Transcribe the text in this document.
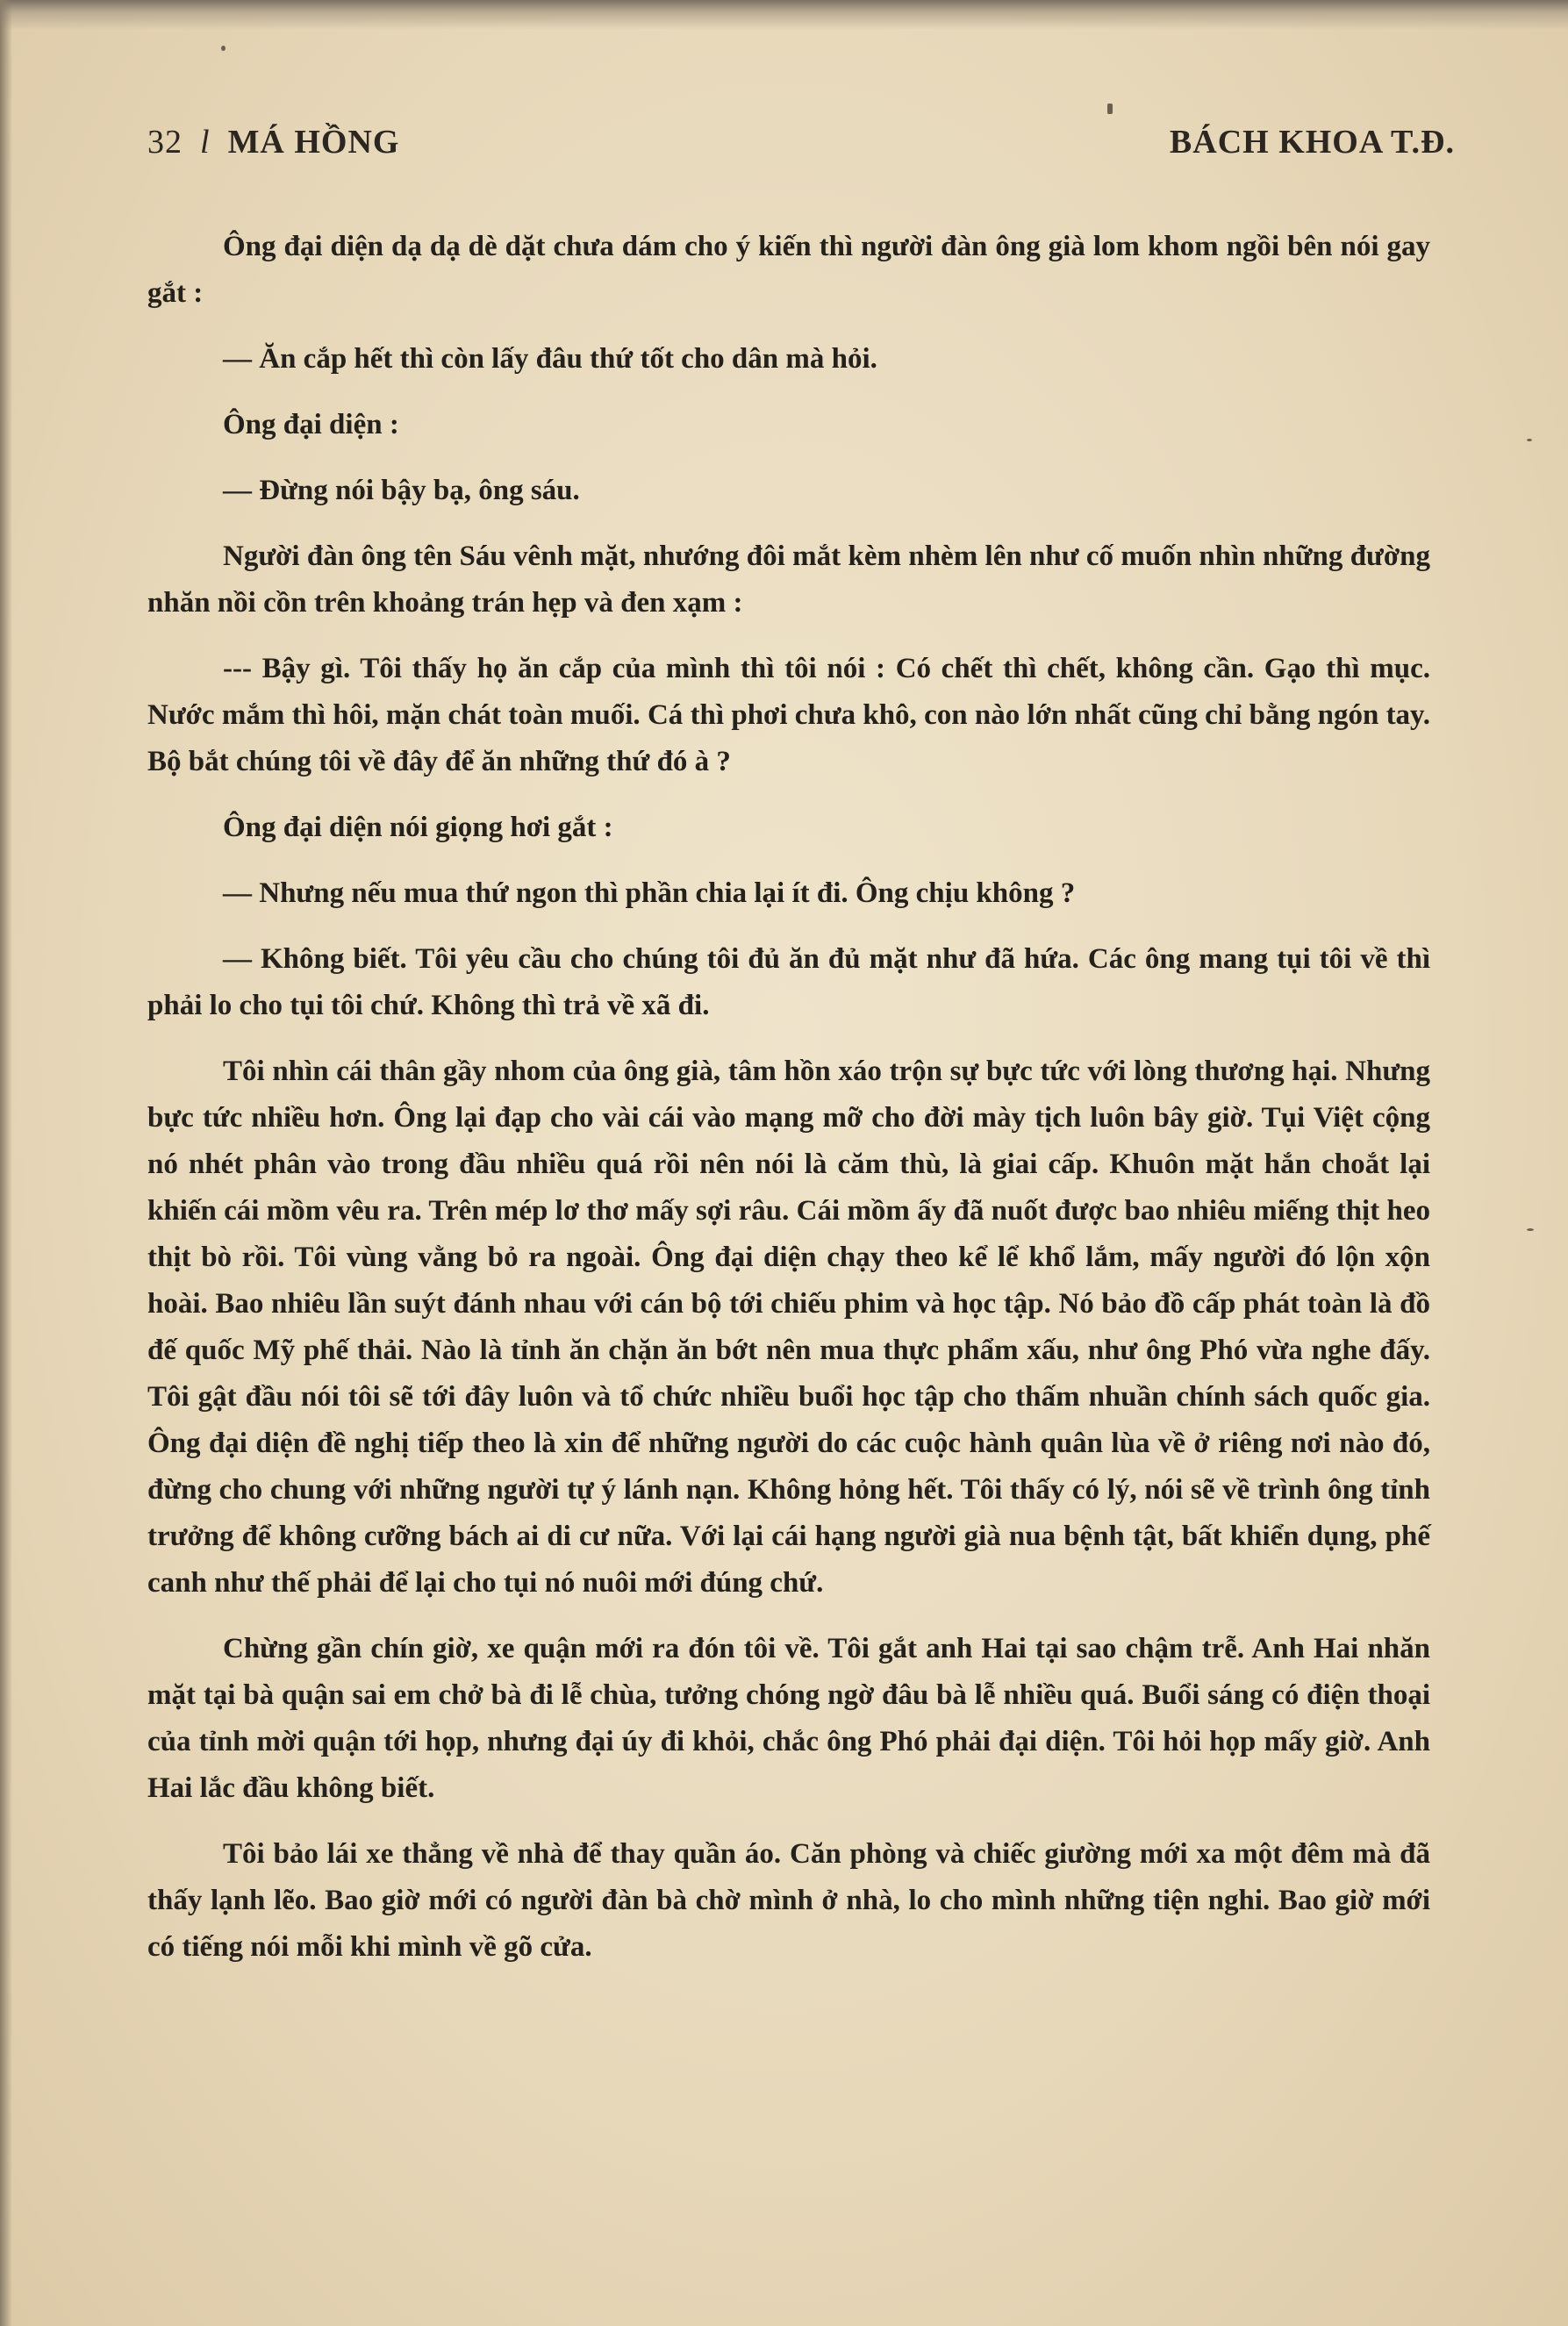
32 l MÁ HỒNG	BÁCH KHOA T.Đ.

Ông đại diện dạ dạ dè dặt chưa dám cho ý kiến thì người đàn ông già lom khom ngồi bên nói gay gắt :

— Ăn cắp hết thì còn lấy đâu thứ tốt cho dân mà hỏi.

Ông đại diện :

— Đừng nói bậy bạ, ông sáu.

Người đàn ông tên Sáu vênh mặt, nhướng đôi mắt kèm nhèm lên như cố muốn nhìn những đường nhăn nồi cồn trên khoảng trán hẹp và đen xạm :

--- Bậy gì. Tôi thấy họ ăn cắp của mình thì tôi nói : Có chết thì chết, không cần. Gạo thì mục. Nước mắm thì hôi, mặn chát toàn muối. Cá thì phơi chưa khô, con nào lớn nhất cũng chỉ bằng ngón tay. Bộ bắt chúng tôi về đây để ăn những thứ đó à ?

Ông đại diện nói giọng hơi gắt :

— Nhưng nếu mua thứ ngon thì phần chia lại ít đi. Ông chịu không ?

— Không biết. Tôi yêu cầu cho chúng tôi đủ ăn đủ mặt như đã hứa. Các ông mang tụi tôi về thì phải lo cho tụi tôi chứ. Không thì trả về xã đi.

Tôi nhìn cái thân gầy nhom của ông già, tâm hồn xáo trộn sự bực tức với lòng thương hại. Nhưng bực tức nhiều hơn. Ông lại đạp cho vài cái vào mạng mỡ cho đời mày tịch luôn bây giờ. Tụi Việt cộng nó nhét phân vào trong đầu nhiều quá rồi nên nói là căm thù, là giai cấp. Khuôn mặt hắn choắt lại khiến cái mồm vêu ra. Trên mép lơ thơ mấy sợi râu. Cái mồm ấy đã nuốt được bao nhiêu miếng thịt heo thịt bò rồi. Tôi vùng vằng bỏ ra ngoài. Ông đại diện chạy theo kể lể khổ lắm, mấy người đó lộn xộn hoài. Bao nhiêu lần suýt đánh nhau với cán bộ tới chiếu phim và học tập. Nó bảo đồ cấp phát toàn là đồ đế quốc Mỹ phế thải. Nào là tỉnh ăn chặn ăn bớt nên mua thực phẩm xấu, như ông Phó vừa nghe đấy. Tôi gật đầu nói tôi sẽ tới đây luôn và tổ chức nhiều buổi học tập cho thấm nhuần chính sách quốc gia. Ông đại diện đề nghị tiếp theo là xin để những người do các cuộc hành quân lùa về ở riêng nơi nào đó, đừng cho chung với những người tự ý lánh nạn. Không hỏng hết. Tôi thấy có lý, nói sẽ về trình ông tỉnh trưởng để không cưỡng bách ai di cư nữa. Với lại cái hạng người già nua bệnh tật, bất khiển dụng, phế canh như thế phải để lại cho tụi nó nuôi mới đúng chứ.

Chừng gần chín giờ, xe quận mới ra đón tôi về. Tôi gắt anh Hai tại sao chậm trễ. Anh Hai nhăn mặt tại bà quận sai em chở bà đi lễ chùa, tưởng chóng ngờ đâu bà lễ nhiều quá. Buổi sáng có điện thoại của tỉnh mời quận tới họp, nhưng đại úy đi khỏi, chắc ông Phó phải đại diện. Tôi hỏi họp mấy giờ. Anh Hai lắc đầu không biết.

Tôi bảo lái xe thẳng về nhà để thay quần áo. Căn phòng và chiếc giường mới xa một đêm mà đã thấy lạnh lẽo. Bao giờ mới có người đàn bà chờ mình ở nhà, lo cho mình những tiện nghi. Bao giờ mới có tiếng nói mỗi khi mình về gõ cửa.
